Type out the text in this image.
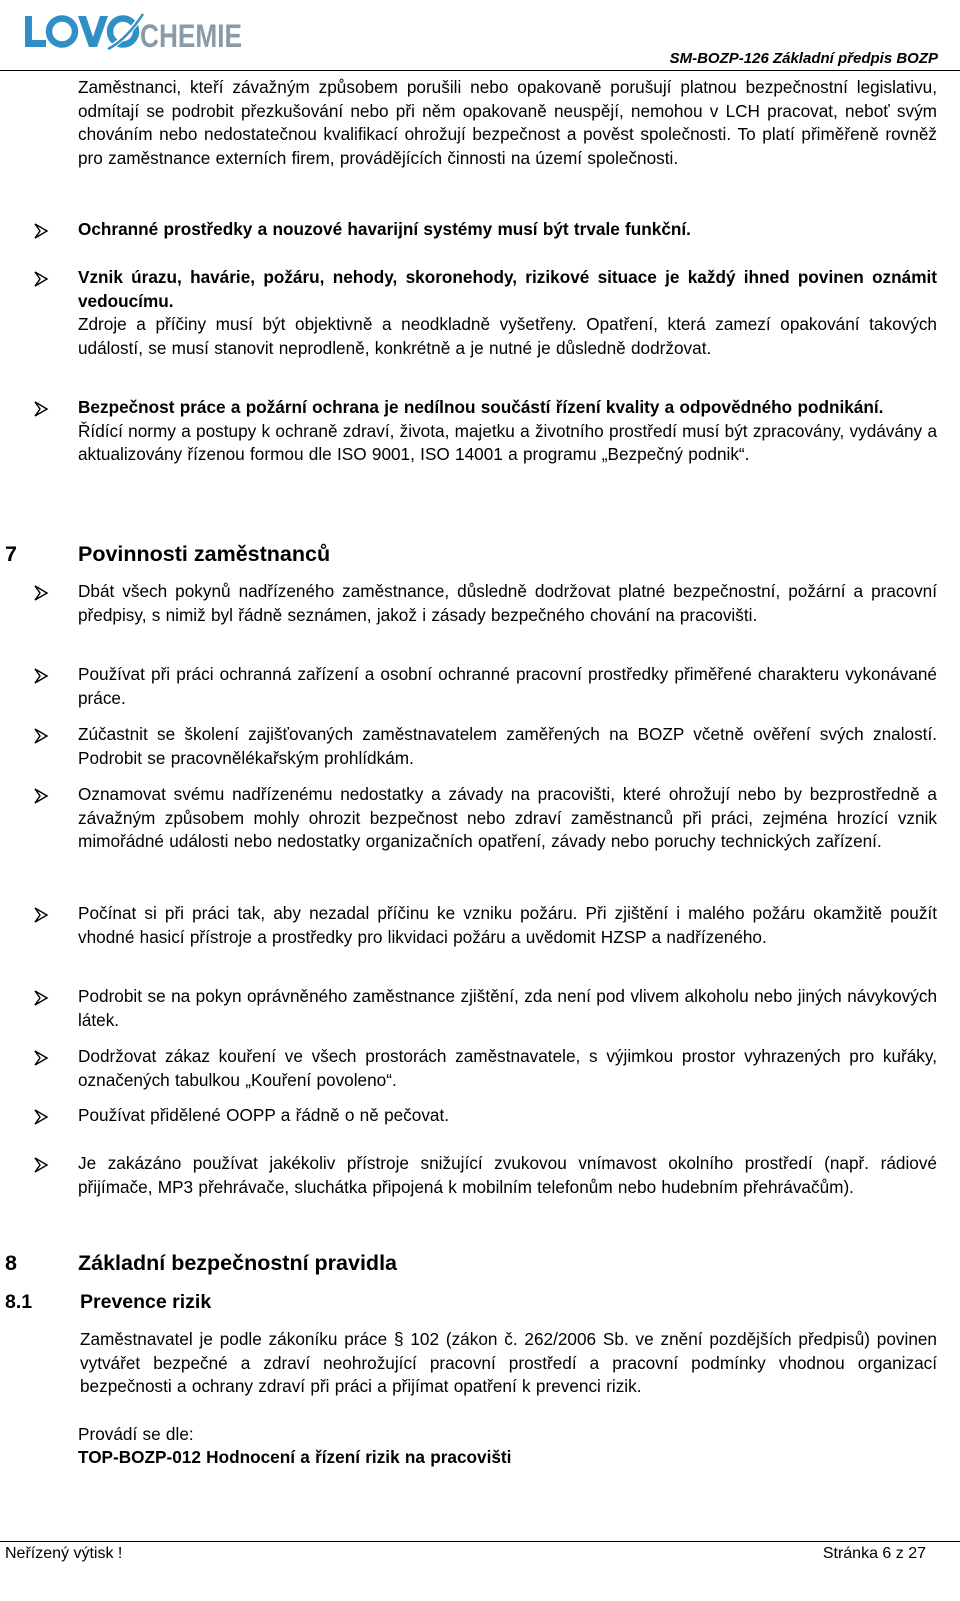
CHEMIE
SM-BOZP-126 Základní předpis BOZP
Zaměstnanci, kteří závažným způsobem porušili nebo opakovaně porušují platnou bezpečnostní legislativu, odmítají se podrobit přezkušování nebo při něm opakovaně neuspějí, nemohou v LCH pracovat, neboť svým chováním nebo nedostatečnou kvalifikací ohrožují bezpečnost a pověst společnosti. To platí přiměřeně rovněž pro zaměstnance externích firem, provádějících činnosti na území společnosti.
Ochranné prostředky a nouzové havarijní systémy musí být trvale funkční.
Vznik úrazu, havárie, požáru, nehody, skoronehody, rizikové situace je každý ihned povinen oznámit vedoucímu.
Zdroje a příčiny musí být objektivně a neodkladně vyšetřeny. Opatření, která zamezí opakování takových událostí, se musí stanovit neprodleně, konkrétně a je nutné je důsledně dodržovat.
Bezpečnost práce a požární ochrana je nedílnou součástí řízení kvality a odpovědného podnikání.
Řídící normy a postupy k ochraně zdraví, života, majetku a životního prostředí musí být zpracovány, vydávány a aktualizovány řízenou formou dle ISO 9001, ISO 14001 a programu „Bezpečný podnik“.
7	Povinnosti zaměstnanců
Dbát všech pokynů nadřízeného zaměstnance, důsledně dodržovat platné bezpečnostní, požární a pracovní předpisy, s nimiž byl řádně seznámen, jakož i zásady bezpečného chování na pracovišti.
Používat při práci ochranná zařízení a osobní ochranné pracovní prostředky přiměřené charakteru vykonávané práce.
Zúčastnit se školení zajišťovaných zaměstnavatelem zaměřených na BOZP včetně ověření svých znalostí. Podrobit se pracovnělékařským prohlídkám.
Oznamovat svému nadřízenému nedostatky a závady na pracovišti, které ohrožují nebo by bezprostředně a závažným způsobem mohly ohrozit bezpečnost nebo zdraví zaměstnanců při práci, zejména hrozící vznik mimořádné události nebo nedostatky organizačních opatření, závady nebo poruchy technických zařízení.
Počínat si při práci tak, aby nezadal příčinu ke vzniku požáru. Při zjištění i malého požáru okamžitě použít vhodné hasicí přístroje a prostředky pro likvidaci požáru a uvědomit HZSP a nadřízeného.
Podrobit se na pokyn oprávněného zaměstnance zjištění, zda není pod vlivem alkoholu nebo jiných návykových látek.
Dodržovat zákaz kouření ve všech prostorách zaměstnavatele, s výjimkou prostor vyhrazených pro kuřáky, označených tabulkou „Kouření povoleno“.
Používat přidělené OOPP a řádně o ně pečovat.
Je zakázáno používat jakékoliv přístroje snižující zvukovou vnímavost okolního prostředí (např. rádiové přijímače, MP3 přehrávače, sluchátka připojená k mobilním telefonům nebo hudebním přehrávačům).
8	Základní bezpečnostní pravidla
8.1 Prevence rizik
Zaměstnavatel je podle zákoníku práce § 102 (zákon č. 262/2006 Sb. ve znění pozdějších předpisů) povinen vytvářet bezpečné a zdraví neohrožující pracovní prostředí a pracovní podmínky vhodnou organizací bezpečnosti a ochrany zdraví při práci a přijímat opatření k prevenci rizik.
Provádí se dle:
TOP-BOZP-012 Hodnocení a řízení rizik na pracovišti
Neřízený výtisk !	Stránka 6 z 27
